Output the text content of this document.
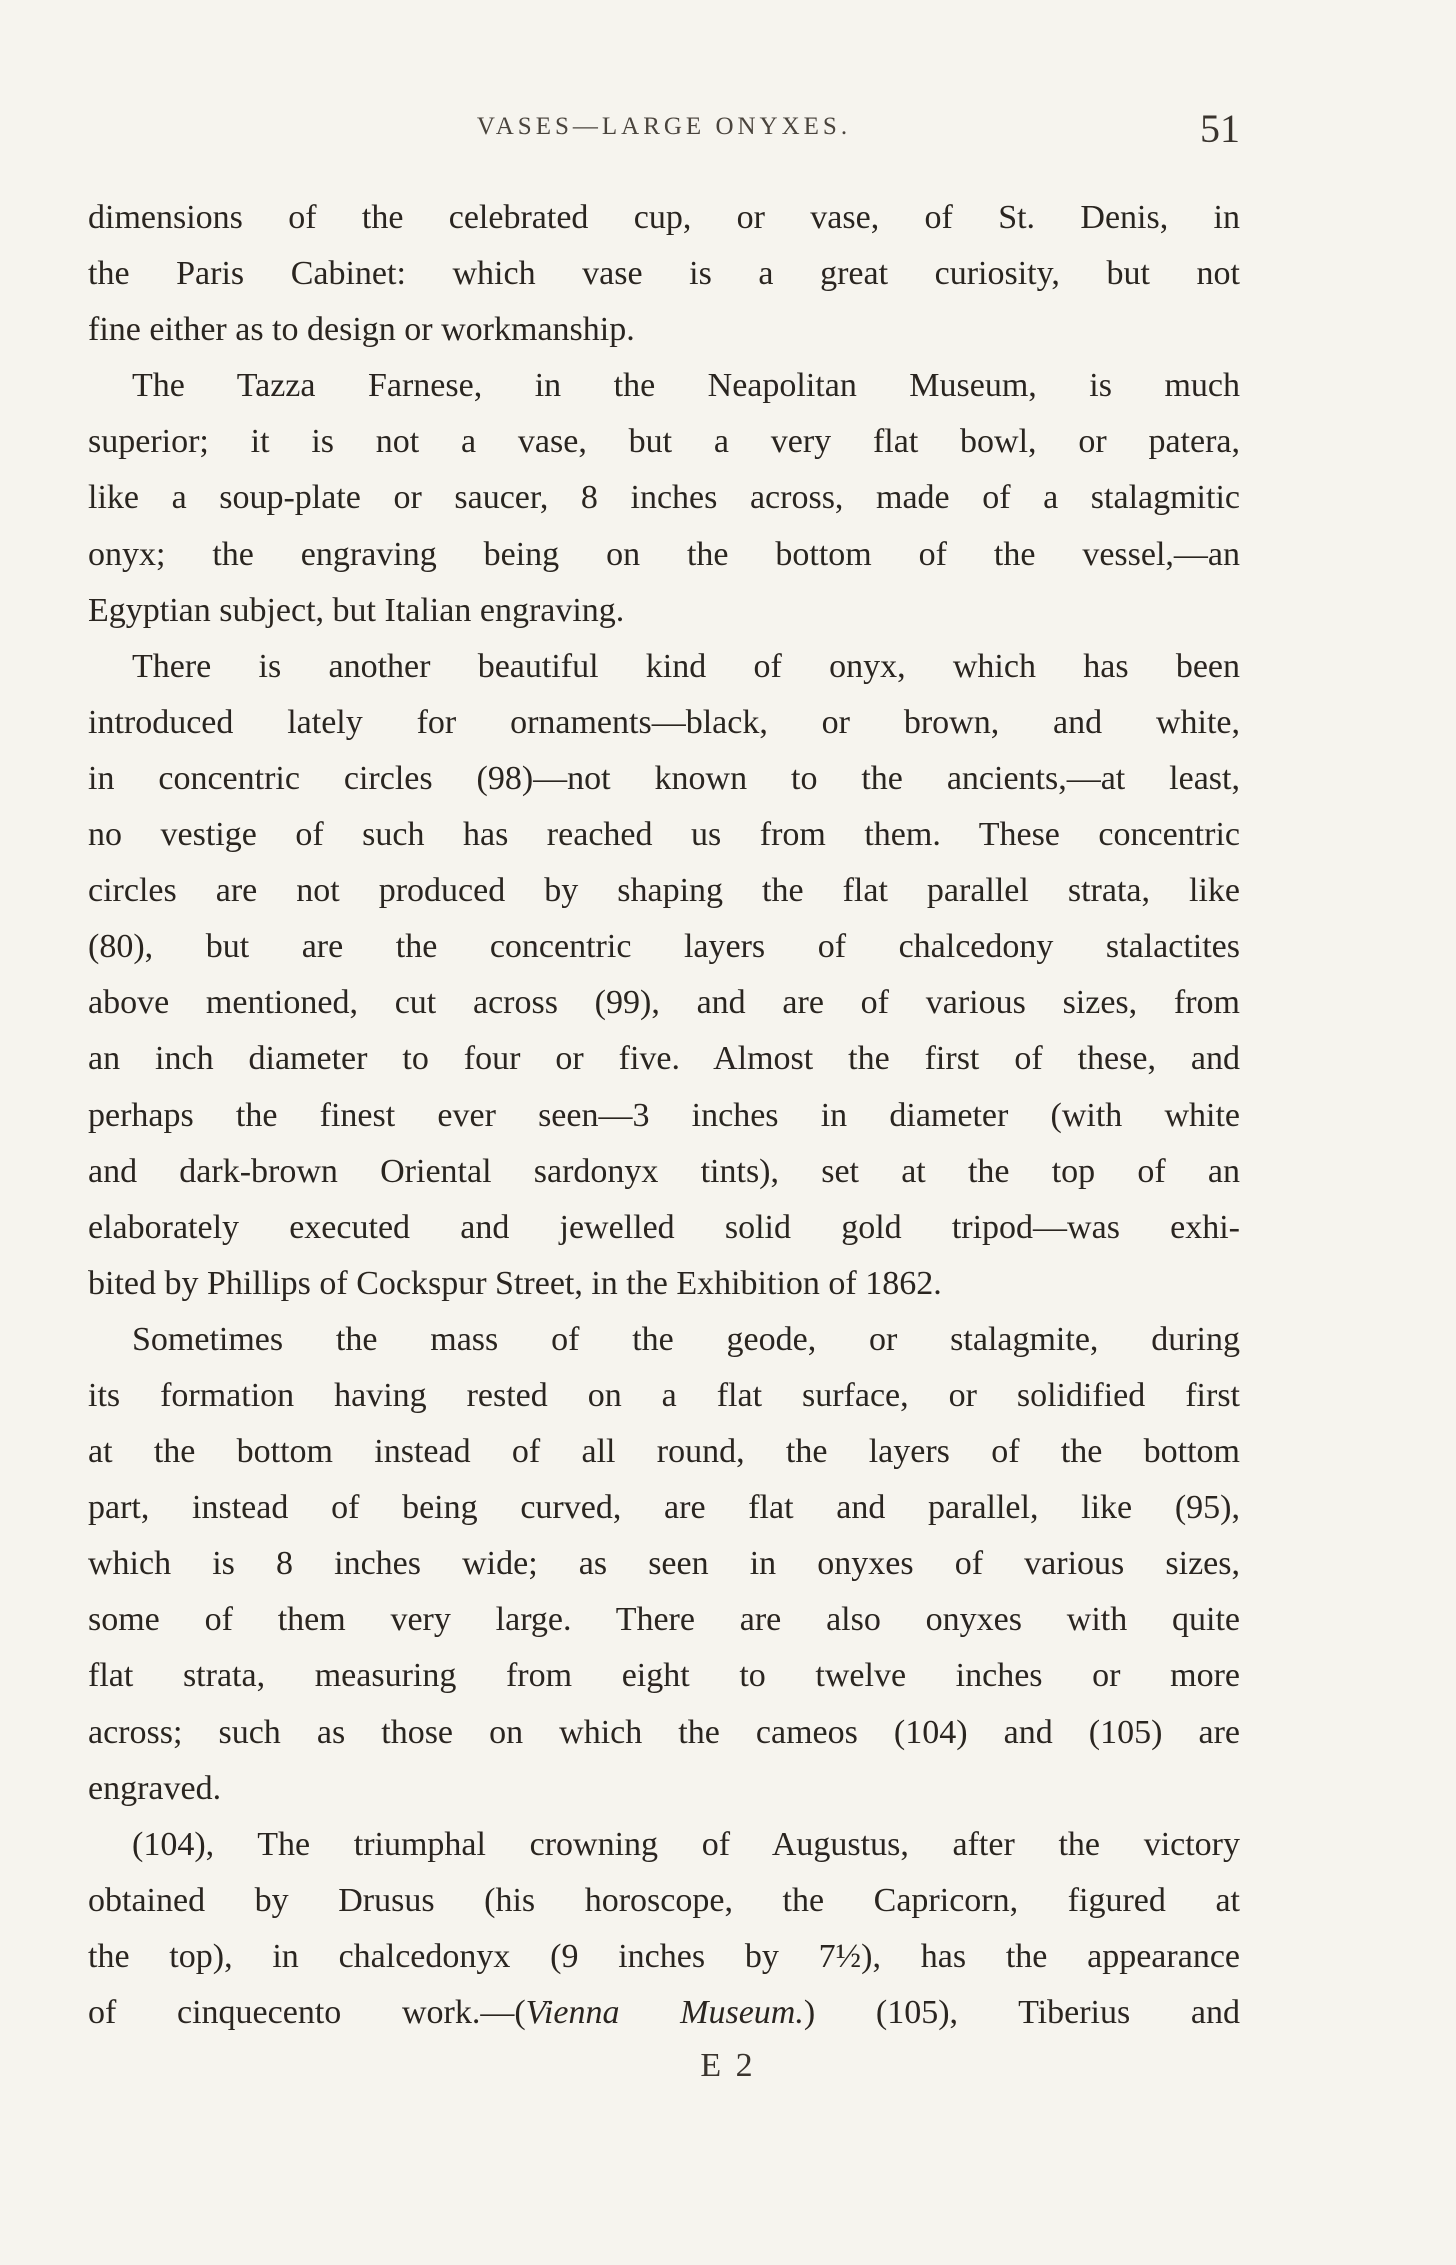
VASES—LARGE ONYXES.	51
dimensions of the celebrated cup, or vase, of St. Denis, in
the Paris Cabinet: which vase is a great curiosity, but not
fine either as to design or workmanship.
The Tazza Farnese, in the Neapolitan Museum, is much
superior; it is not a vase, but a very flat bowl, or patera,
like a soup-plate or saucer, 8 inches across, made of a stalagmitic
onyx; the engraving being on the bottom of the vessel,—an
Egyptian subject, but Italian engraving.
There is another beautiful kind of onyx, which has been
introduced lately for ornaments—black, or brown, and white,
in concentric circles (98)—not known to the ancients,—at least,
no vestige of such has reached us from them. These concentric
circles are not produced by shaping the flat parallel strata, like
(80), but are the concentric layers of chalcedony stalactites
above mentioned, cut across (99), and are of various sizes, from
an inch diameter to four or five. Almost the first of these, and
perhaps the finest ever seen—3 inches in diameter (with white
and dark-brown Oriental sardonyx tints), set at the top of an
elaborately executed and jewelled solid gold tripod—was exhi-
bited by Phillips of Cockspur Street, in the Exhibition of 1862.
Sometimes the mass of the geode, or stalagmite, during
its formation having rested on a flat surface, or solidified first
at the bottom instead of all round, the layers of the bottom
part, instead of being curved, are flat and parallel, like (95),
which is 8 inches wide; as seen in onyxes of various sizes,
some of them very large. There are also onyxes with quite
flat strata, measuring from eight to twelve inches or more
across; such as those on which the cameos (104) and (105) are
engraved.
(104), The triumphal crowning of Augustus, after the victory
obtained by Drusus (his horoscope, the Capricorn, figured at
the top), in chalcedonyx (9 inches by 7½), has the appearance
of cinquecento work.—(Vienna Museum.) (105), Tiberius and
E 2
